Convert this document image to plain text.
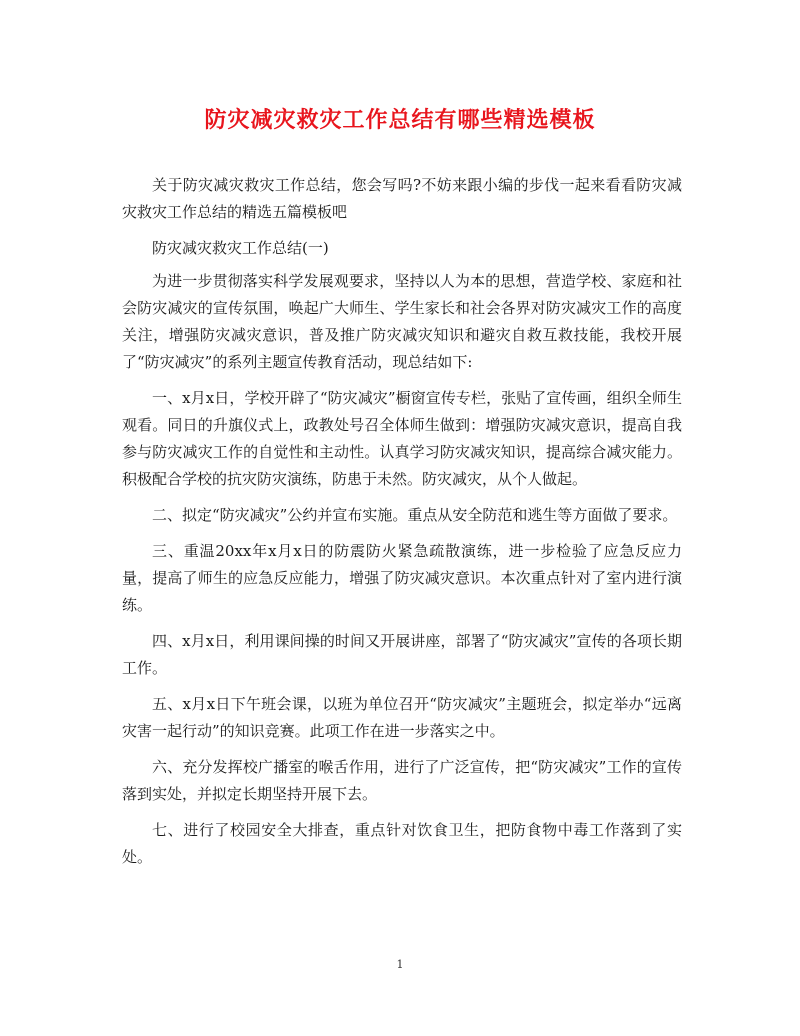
防灾减灾救灾工作总结有哪些精选模板

关于防灾减灾救灾工作总结，您会写吗?不妨来跟小编的步伐一起来看看防灾减灾救灾工作总结的精选五篇模板吧

防灾减灾救灾工作总结(一)

为进一步贯彻落实科学发展观要求，坚持以人为本的思想，营造学校、家庭和社会防灾减灾的宣传氛围，唤起广大师生、学生家长和社会各界对防灾减灾工作的高度关注，增强防灾减灾意识，普及推广防灾减灾知识和避灾自救互救技能，我校开展了“防灾减灾”的系列主题宣传教育活动，现总结如下:

一、x月x日，学校开辟了“防灾减灾”橱窗宣传专栏，张贴了宣传画，组织全师生观看。同日的升旗仪式上，政教处号召全体师生做到：增强防灾减灾意识，提高自我参与防灾减灾工作的自觉性和主动性。认真学习防灾减灾知识，提高综合减灾能力。积极配合学校的抗灾防灾演练，防患于未然。防灾减灾，从个人做起。

二、拟定“防灾减灾”公约并宣布实施。重点从安全防范和逃生等方面做了要求。

三、重温20xx年x月x日的防震防火紧急疏散演练，进一步检验了应急反应力量，提高了师生的应急反应能力，增强了防灾减灾意识。本次重点针对了室内进行演练。

四、x月x日，利用课间操的时间又开展讲座，部署了“防灾减灾”宣传的各项长期工作。

五、x月x日下午班会课，以班为单位召开“防灾减灾”主题班会，拟定举办“远离灾害一起行动”的知识竞赛。此项工作在进一步落实之中。

六、充分发挥校广播室的喉舌作用，进行了广泛宣传，把“防灾减灾”工作的宣传落到实处，并拟定长期坚持开展下去。

七、进行了校园安全大排查，重点针对饮食卫生，把防食物中毒工作落到了实处。

1
